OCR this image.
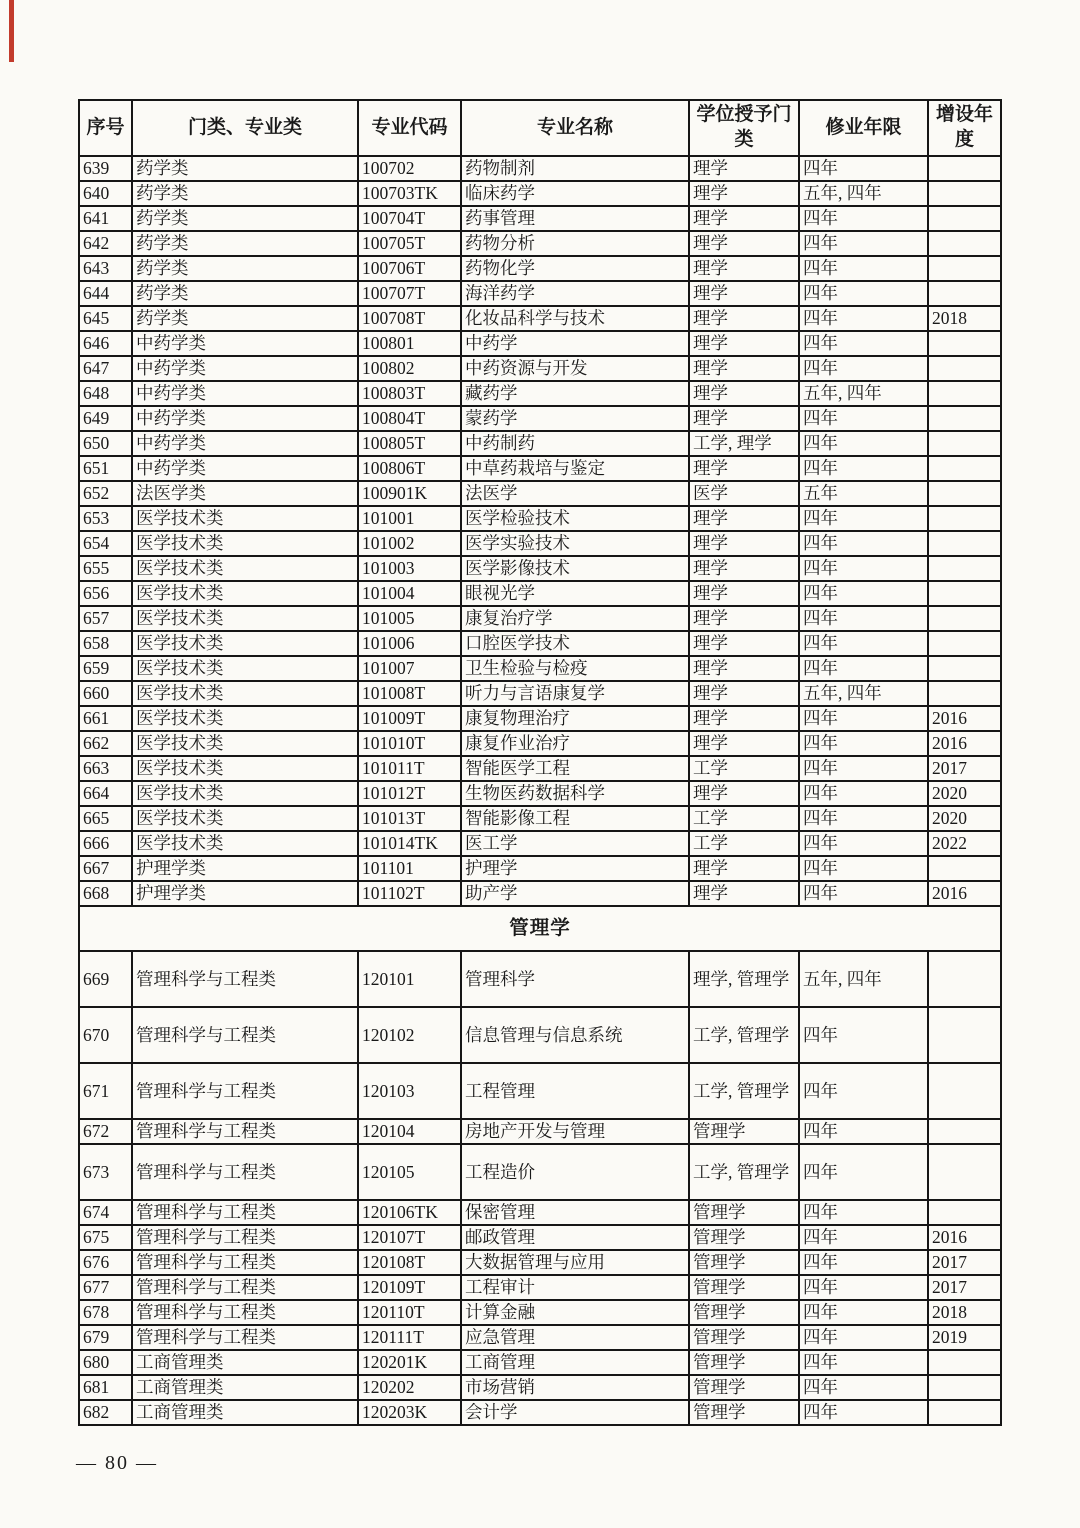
序号	门类、专业类	专业代码	专业名称	学位授予门类	修业年限	增设年度
639	药学类	100702	药物制剂	理学	四年	
640	药学类	100703TK	临床药学	理学	五年, 四年	
641	药学类	100704T	药事管理	理学	四年	
642	药学类	100705T	药物分析	理学	四年	
643	药学类	100706T	药物化学	理学	四年	
644	药学类	100707T	海洋药学	理学	四年	
645	药学类	100708T	化妆品科学与技术	理学	四年	2018
646	中药学类	100801	中药学	理学	四年	
647	中药学类	100802	中药资源与开发	理学	四年	
648	中药学类	100803T	藏药学	理学	五年, 四年	
649	中药学类	100804T	蒙药学	理学	四年	
650	中药学类	100805T	中药制药	工学, 理学	四年	
651	中药学类	100806T	中草药栽培与鉴定	理学	四年	
652	法医学类	100901K	法医学	医学	五年	
653	医学技术类	101001	医学检验技术	理学	四年	
654	医学技术类	101002	医学实验技术	理学	四年	
655	医学技术类	101003	医学影像技术	理学	四年	
656	医学技术类	101004	眼视光学	理学	四年	
657	医学技术类	101005	康复治疗学	理学	四年	
658	医学技术类	101006	口腔医学技术	理学	四年	
659	医学技术类	101007	卫生检验与检疫	理学	四年	
660	医学技术类	101008T	听力与言语康复学	理学	五年, 四年	
661	医学技术类	101009T	康复物理治疗	理学	四年	2016
662	医学技术类	101010T	康复作业治疗	理学	四年	2016
663	医学技术类	101011T	智能医学工程	工学	四年	2017
664	医学技术类	101012T	生物医药数据科学	理学	四年	2020
665	医学技术类	101013T	智能影像工程	工学	四年	2020
666	医学技术类	101014TK	医工学	工学	四年	2022
667	护理学类	101101	护理学	理学	四年	
668	护理学类	101102T	助产学	理学	四年	2016
管理学						
669	管理科学与工程类	120101	管理科学	理学, 管理学	五年, 四年	
670	管理科学与工程类	120102	信息管理与信息系统	工学, 管理学	四年	
671	管理科学与工程类	120103	工程管理	工学, 管理学	四年	
672	管理科学与工程类	120104	房地产开发与管理	管理学	四年	
673	管理科学与工程类	120105	工程造价	工学, 管理学	四年	
674	管理科学与工程类	120106TK	保密管理	管理学	四年	
675	管理科学与工程类	120107T	邮政管理	管理学	四年	2016
676	管理科学与工程类	120108T	大数据管理与应用	管理学	四年	2017
677	管理科学与工程类	120109T	工程审计	管理学	四年	2017
678	管理科学与工程类	120110T	计算金融	管理学	四年	2018
679	管理科学与工程类	120111T	应急管理	管理学	四年	2019
680	工商管理类	120201K	工商管理	管理学	四年	
681	工商管理类	120202	市场营销	管理学	四年	
682	工商管理类	120203K	会计学	管理学	四年	
— 80 —
